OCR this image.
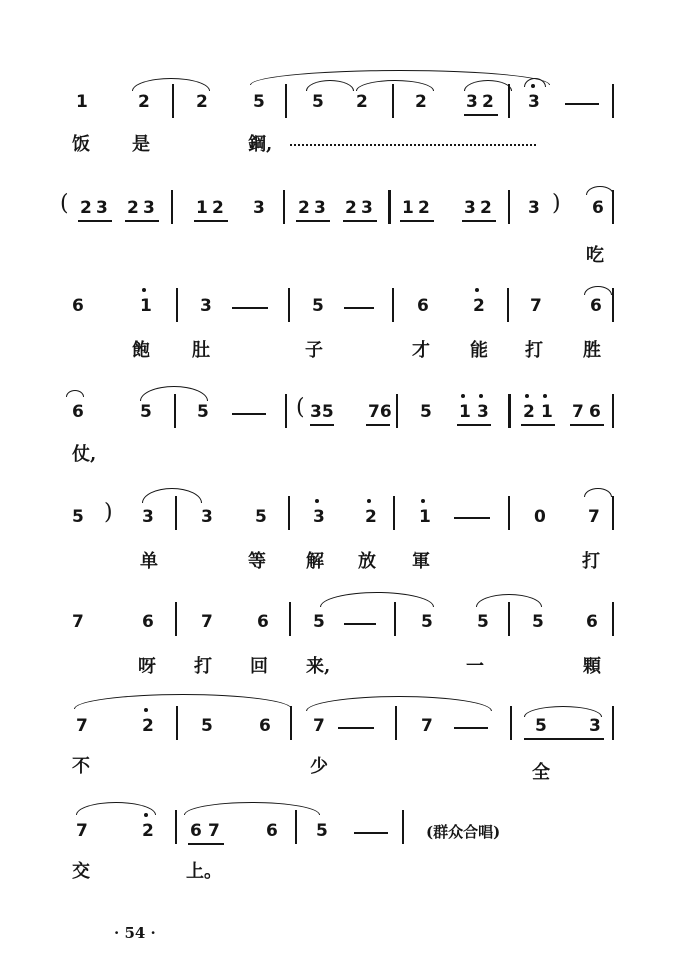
1	2	2	5	5 2	2 3 2 3
饭 是	鋼,
( 2 3 2 3 1 2 3 2 3 2 3 1 2 3 2 3 ) 6
吃
6	1	3	5	6	2	7	6
飽 肚	子	才 能 打 胜
6	5	5	( 35 76 5 1 3 2 1 7 6
仗,
5 ) 3	3 5	3 2 1	0 7
单	等 解 放 軍	打
7	6	7	6	5	5	5	5 6
呀 打 回 来,	一	顆
7	2	5	6 7	7	5 3
不	少	全
7	2 6 7	6 5	(群众合唱)
交	上。
· 54 ·
